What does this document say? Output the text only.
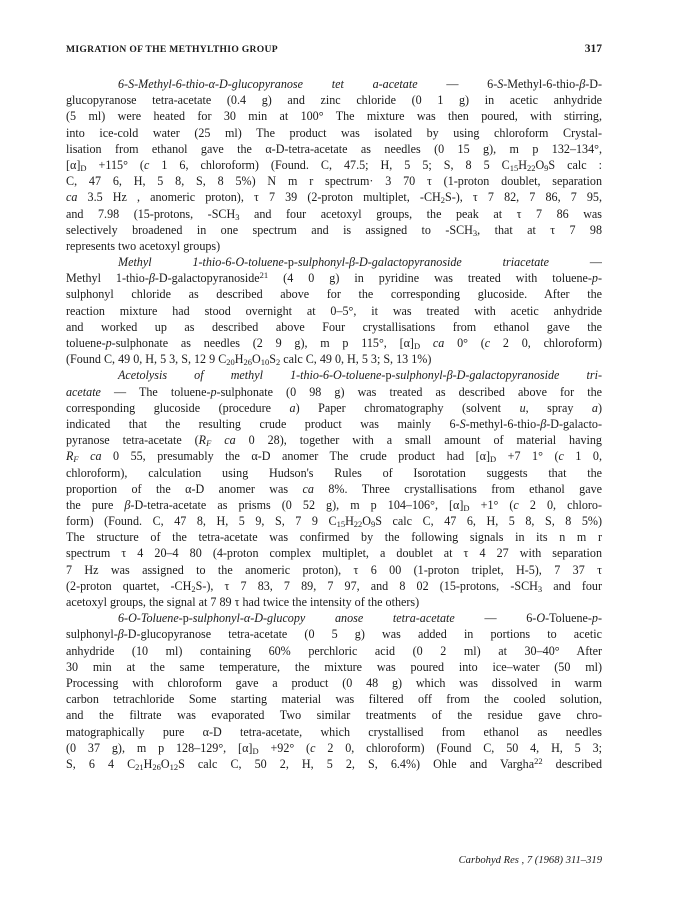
MIGRATION OF THE METHYLTHIO GROUP	317
6-S-Methyl-6-thio-α-D-glucopyranose tet a-acetate — 6-S-Methyl-6-thio-β-D-
glucopyranose tetra-acetate (0.4 g) and zinc chloride (0 1 g) in acetic anhydride
(5 ml) were heated for 30 min at 100° The mixture was then poured, with stirring,
into ice-cold water (25 ml) The product was isolated by using chloroform Crystal-
lisation from ethanol gave the α-D-tetra-acetate as needles (0 15 g), m p 132–134°,
$[\alpha]_D +115^\circ$ (c 1 6, chloroform) (Found. C, 47.5; H, 5 5; S, 8 5 $C_{15}H_{22}O_9S$ calc :
C, 47 6, H, 5 8, S, 8 5%) N m r spectrum· 3 70 τ (1-proton doublet, separation
ca 3.5 Hz , anomeric proton), τ 7 39 (2-proton multiplet, $-CH_2S-$), τ 7 82, 7 86, 7 95,
and 7.98 (15-protons, $-SCH_3$ and four acetoxyl groups, the peak at τ 7 86 was
selectively broadened in one spectrum and is assigned to $-SCH_3$, that at τ 7 98
represents two acetoxyl groups)
Methyl 1-thio-6-O-toluene-p-sulphonyl-β-D-galactopyranoside triacetate —
Methyl 1-thio-β-D-galactopyranoside$^{21}$ (4 0 g) in pyridine was treated with toluene-p-
sulphonyl chloride as described above for the corresponding glucoside. After the
reaction mixture had stood overnight at 0–5°, it was treated with acetic anhydride
and worked up as described above Four crystallisations from ethanol gave the
toluene-p-sulphonate as needles (2 9 g), m p 115°, $[\alpha]_D$ ca 0° (c 2 0, chloroform)
(Found C, 49 0, H, 5 3, S, 12 9 $C_{20}H_{26}O_{10}S_2$ calc C, 49 0, H, 5 3; S, 13 1%)
Acetolysis of methyl 1-thio-6-O-toluene-p-sulphonyl-β-D-galactopyranoside tri-
acetate — The toluene-p-sulphonate (0 98 g) was treated as described above for the
corresponding glucoside (procedure a) Paper chromatography (solvent u, spray a)
indicated that the resulting crude product was mainly 6-S-methyl-6-thio-β-D-galacto-
pyranose tetra-acetate ($R_F$ ca 0 28), together with a small amount of material having
$R_F$ ca 0 55, presumably the α-D anomer The crude product had $[\alpha]_D +7$ 1° (c 1 0,
chloroform), calculation using Hudson's Rules of Isorotation suggests that the
proportion of the α-D anomer was ca 8%. Three crystallisations from ethanol gave
the pure β-D-tetra-acetate as prisms (0 52 g), m p 104–106°, $[\alpha]_D +1^\circ$ (c 2 0, chloro-
form) (Found. C, 47 8, H, 5 9, S, 7 9 $C_{15}H_{22}O_9S$ calc C, 47 6, H, 5 8, S, 8 5%)
The structure of the tetra-acetate was confirmed by the following signals in its n m r
spectrum τ 4 20–4 80 (4-proton complex multiplet, a doublet at τ 4 27 with separation
7 Hz was assigned to the anomeric proton), τ 6 00 (1-proton triplet, H-5), 7 37 τ
(2-proton quartet, $-CH_2S-$), τ 7 83, 7 89, 7 97, and 8 02 (15-protons, $-SCH_3$ and four
acetoxyl groups, the signal at 7 89 τ had twice the intensity of the others)
6-O-Toluene-p-sulphonyl-α-D-glucopy anose tetra-acetate — 6-O-Toluene-p-
sulphonyl-β-D-glucopyranose tetra-acetate (0 5 g) was added in portions to acetic
anhydride (10 ml) containing 60% perchloric acid (0 2 ml) at 30–40° After
30 min at the same temperature, the mixture was poured into ice–water (50 ml)
Processing with chloroform gave a product (0 48 g) which was dissolved in warm
carbon tetrachloride Some starting material was filtered off from the cooled solution,
and the filtrate was evaporated Two similar treatments of the residue gave chro-
matographically pure α-D tetra-acetate, which crystallised from ethanol as needles
(0 37 g), m p 128–129°, $[\alpha]_D +92^\circ$ (c 2 0, chloroform) (Found C, 50 4, H, 5 3;
S, 6 4 $C_{21}H_{26}O_{12}S$ calc C, 50 2, H, 5 2, S, 6.4%) Ohle and Vargha$^{22}$ described
Carbohyd Res , 7 (1968) 311–319
